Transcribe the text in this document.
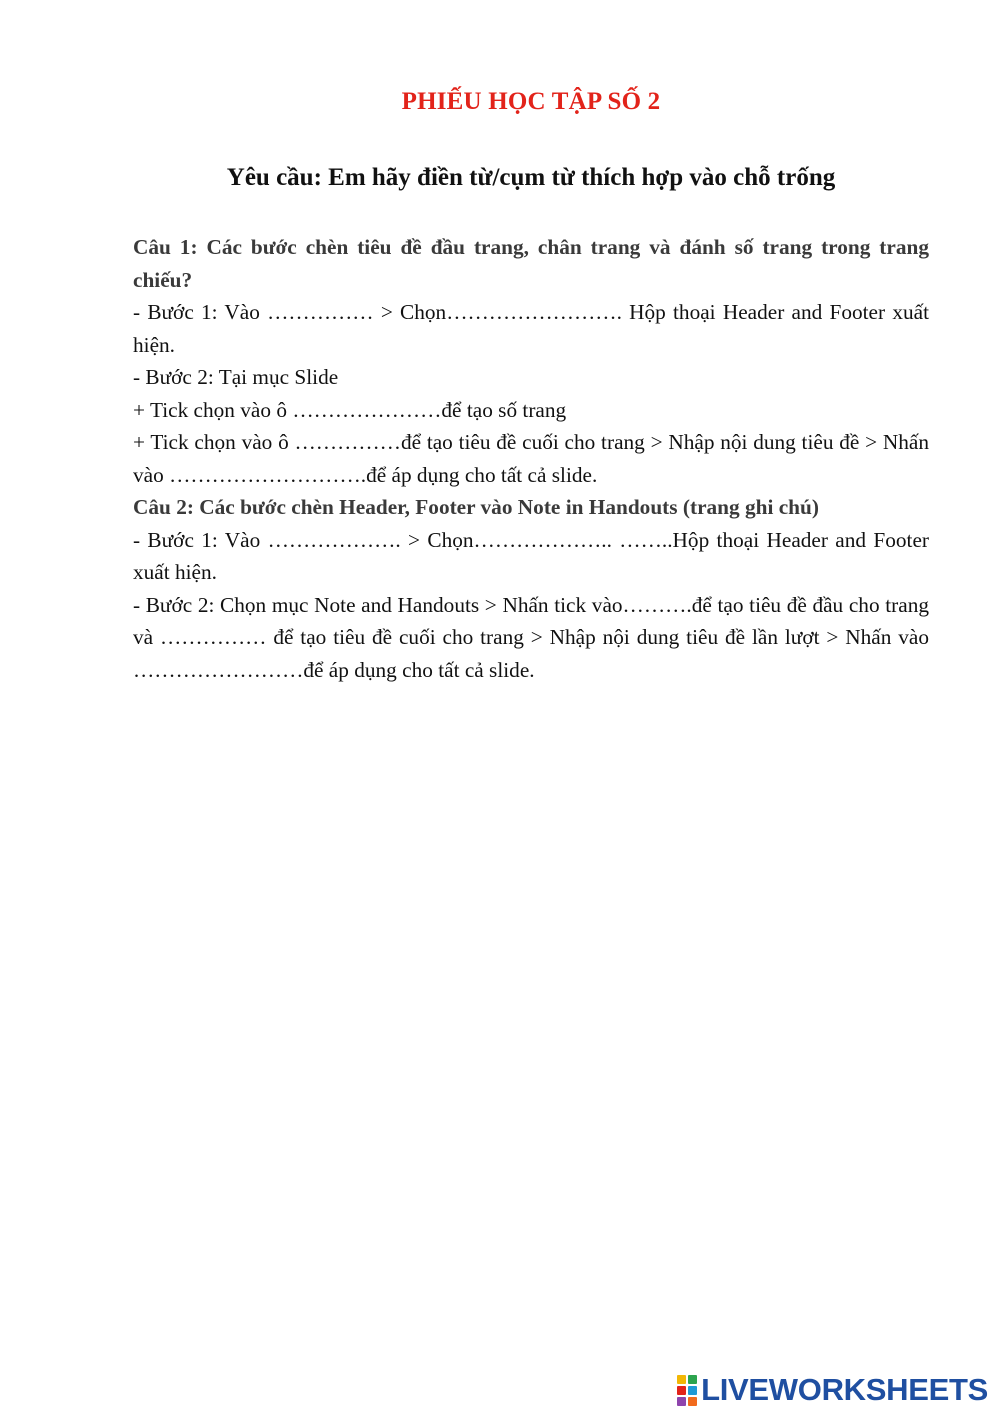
PHIẾU HỌC TẬP SỐ 2
Yêu cầu: Em hãy điền từ/cụm từ thích hợp vào chỗ trống

Câu 1: Các bước chèn tiêu đề đầu trang, chân trang và đánh số trang trong trang chiếu?

- Bước 1: Vào …………… > Chọn……………………. Hộp thoại Header and Footer xuất hiện.

- Bước 2: Tại mục Slide

+ Tick chọn vào ô …………………để tạo số trang

+ Tick chọn vào ô ……………để tạo tiêu đề cuối cho trang > Nhập nội dung tiêu đề > Nhấn vào ……………………….để áp dụng cho tất cả slide.

Câu 2: Các bước chèn Header, Footer vào Note in Handouts (trang ghi chú)

- Bước 1: Vào ………………. > Chọn……………….. ……..Hộp thoại Header and Footer xuất hiện.

- Bước 2: Chọn mục Note and Handouts > Nhấn tick vào……….để tạo tiêu đề đầu cho trang và …………… để tạo tiêu đề cuối cho trang > Nhập nội dung tiêu đề lần lượt > Nhấn vào ……………………để áp dụng cho tất cả slide.

LIVEWORKSHEETS
